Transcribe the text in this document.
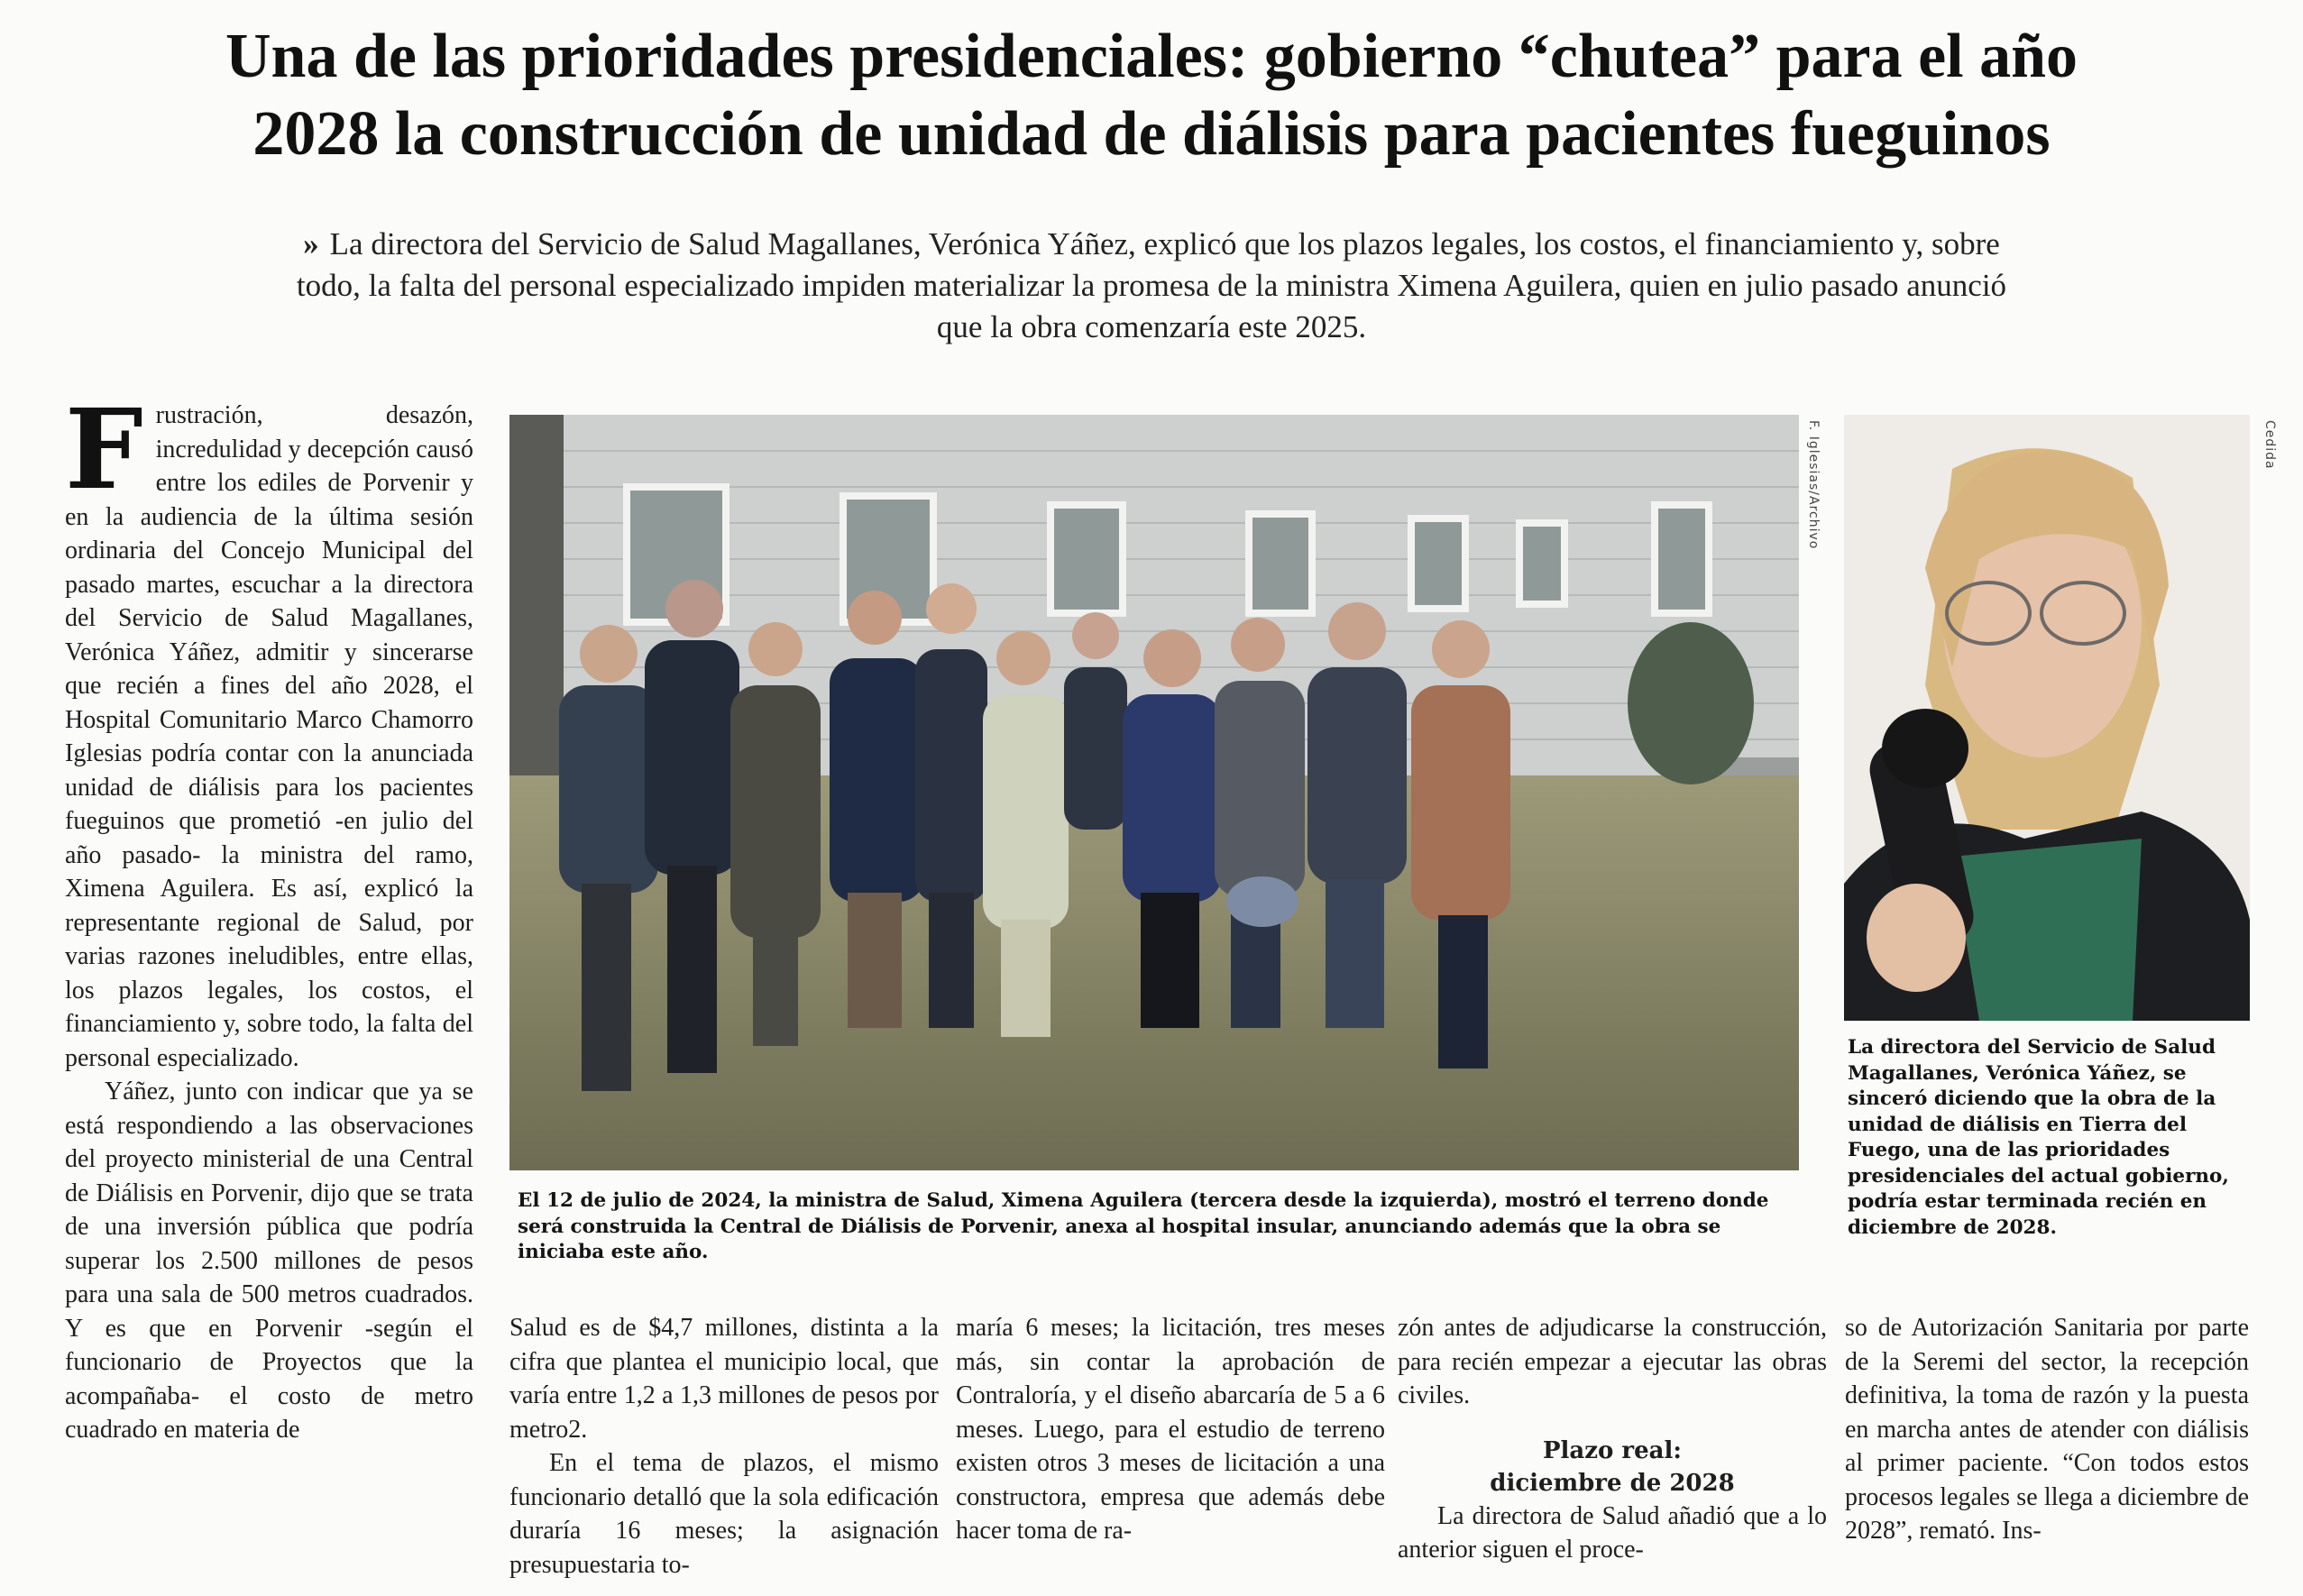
Una de las prioridades presidenciales: gobierno “chutea” para el año
2028 la construcción de unidad de diálisis para pacientes fueguinos

» La directora del Servicio de Salud Magallanes, Verónica Yáñez, explicó que los plazos legales, los costos, el financiamiento y, sobre todo, la falta del personal especializado impiden materializar la promesa de la ministra Ximena Aguilera, quien en julio pasado anunció que la obra comenzaría este 2025.

Frustración, desazón, incredulidad y decepción causó entre los ediles de Porvenir y en la audiencia de la última sesión ordinaria del Concejo Municipal del pasado martes, escuchar a la directora del Servicio de Salud Magallanes, Verónica Yáñez, admitir y sincerarse que recién a fines del año 2028, el Hospital Comunitario Marco Chamorro Iglesias podría contar con la anunciada unidad de diálisis para los pacientes fueguinos que prometió -en julio del año pasado- la ministra del ramo, Ximena Aguilera. Es así, explicó la representante regional de Salud, por varias razones ineludibles, entre ellas, los plazos legales, los costos, el financiamiento y, sobre todo, la falta del personal especializado.

Yáñez, junto con indicar que ya se está respondiendo a las observaciones del proyecto ministerial de una Central de Diálisis en Porvenir, dijo que se trata de una inversión pública que podría superar los 2.500 millones de pesos para una sala de 500 metros cuadrados. Y es que en Porvenir -según el funcionario de Proyectos que la acompañaba- el costo de metro cuadrado en materia de

F. Iglesias/Archivo
El 12 de julio de 2024, la ministra de Salud, Ximena Aguilera (tercera desde la izquierda), mostró el terreno donde será construida la Central de Diálisis de Porvenir, anexa al hospital insular, anunciando además que la obra se iniciaba este año.
Cedida
La directora del Servicio de Salud Magallanes, Verónica Yáñez, se sinceró diciendo que la obra de la unidad de diálisis en Tierra del Fuego, una de las prioridades presidenciales del actual gobierno, podría estar terminada recién en diciembre de 2028.

Salud es de $4,7 millones, distinta a la cifra que plantea el municipio local, que varía entre 1,2 a 1,3 millones de pesos por metro2.

En el tema de plazos, el mismo funcionario detalló que la sola edificación duraría 16 meses; la asignación presupuestaria to-

maría 6 meses; la licitación, tres meses más, sin contar la aprobación de Contraloría, y el diseño abarcaría de 5 a 6 meses. Luego, para el estudio de terreno existen otros 3 meses de licitación a una constructora, empresa que además debe hacer toma de ra-

zón antes de adjudicarse la construcción, para recién empezar a ejecutar las obras civiles.

Plazo real:
diciembre de 2028

La directora de Salud añadió que a lo anterior siguen el proce-

so de Autorización Sanitaria por parte de la Seremi del sector, la recepción definitiva, la toma de razón y la puesta en marcha antes de atender con diálisis al primer paciente. “Con todos estos procesos legales se llega a diciembre de 2028”, remató. Ins-
